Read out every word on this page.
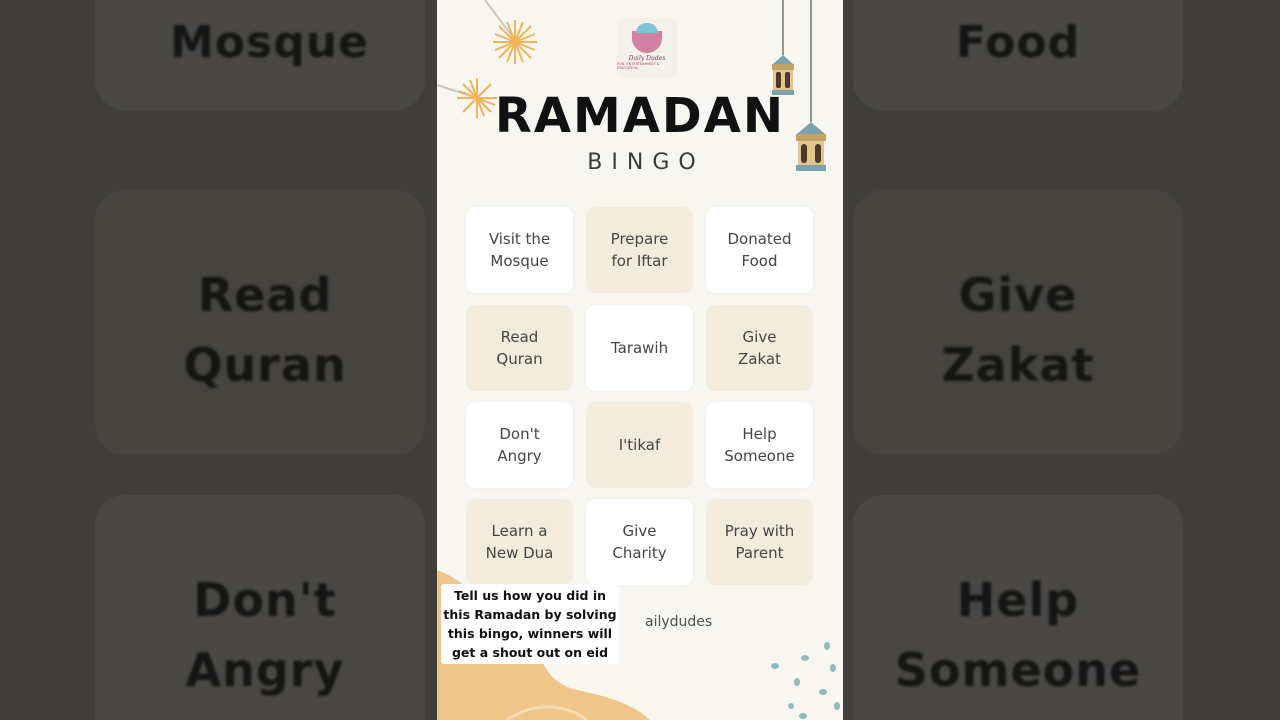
Mosque
Read
Quran
Don't
Angry
Food
Give
Zakat
Help
Someone
Daily Dudes
FUN, ENTERTAINMENT & EDUCATION
RAMADAN
BINGO
Visit the
Mosque
Prepare
for Iftar
Donated
Food
Read
Quran
Tarawih
Give
Zakat
Don't
Angry
I'tikaf
Help
Someone
Learn a
New Dua
Give
Charity
Pray with
Parent
ailydudes
Tell us how you did in this Ramadan by solving this bingo, winners will get a shout out on eid
